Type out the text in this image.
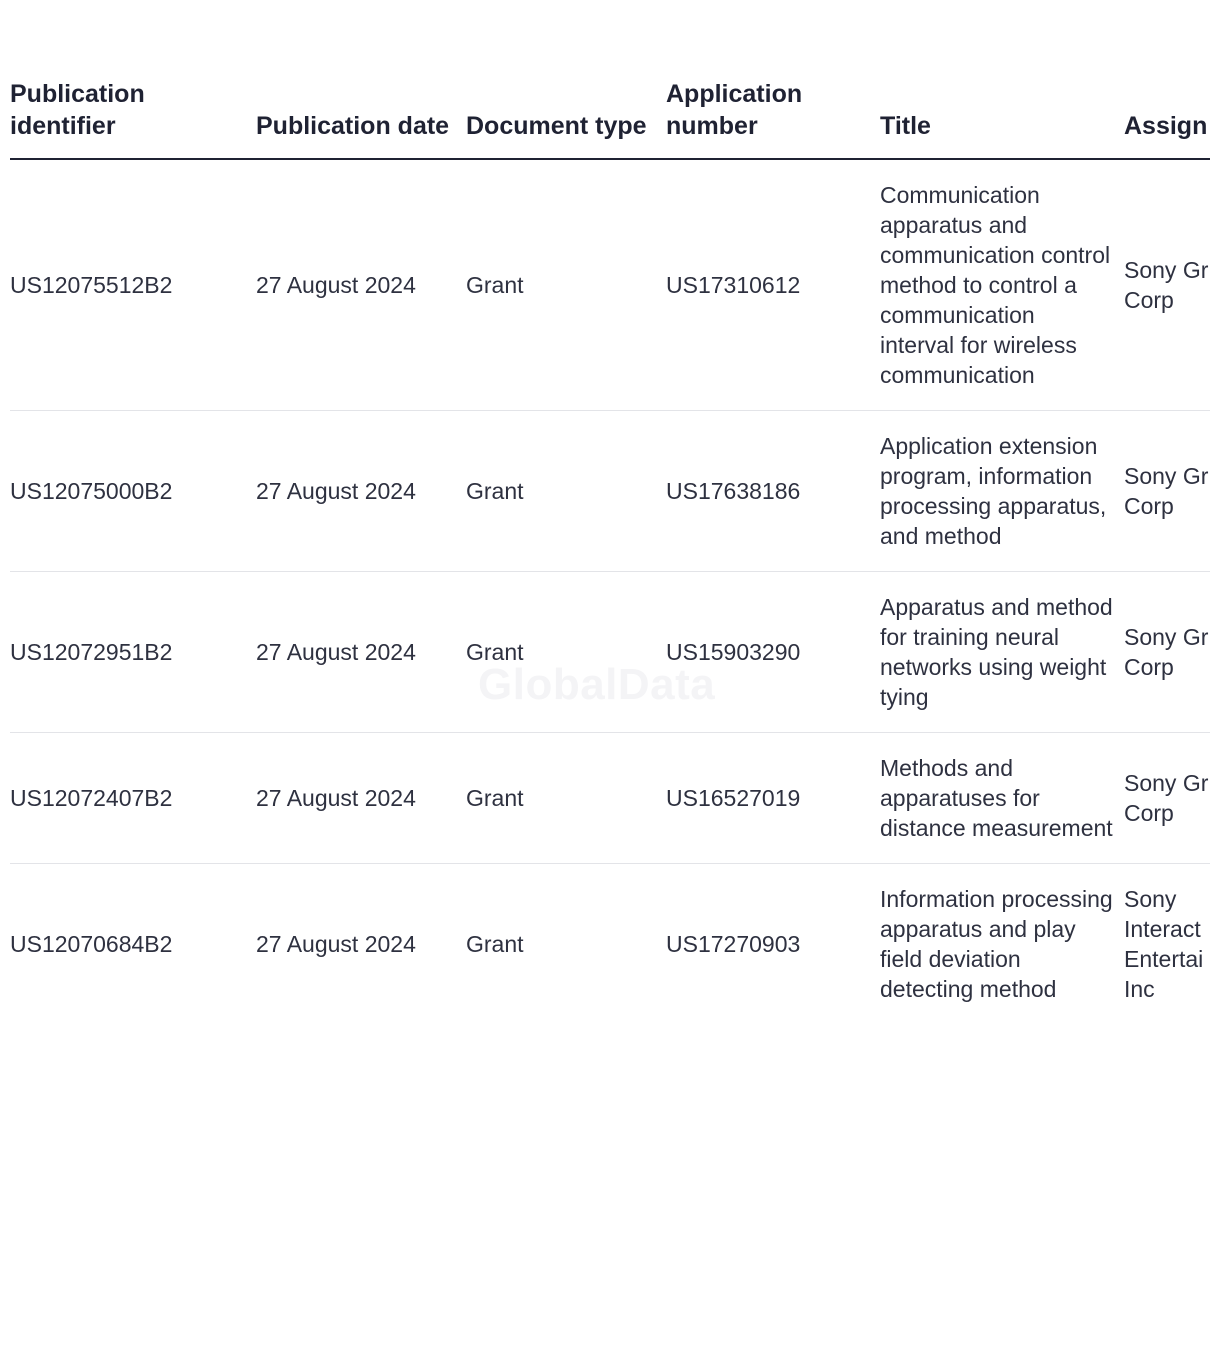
GlobalData
Publication identifier	Publication date	Document type	Application number	Title	Assign
US12075512B2	27 August 2024	Grant	US17310612	Communication apparatus and communication control method to control a communication interval for wireless communication	Sony Gr
Corp

US12075000B2	27 August 2024	Grant	US17638186	Application extension program, information processing apparatus, and method	Sony Gr
Corp

US12072951B2	27 August 2024	Grant	US15903290	Apparatus and method for training neural networks using weight tying	Sony Gr
Corp

US12072407B2	27 August 2024	Grant	US16527019	Methods and apparatuses for distance measurement	Sony Gr
Corp

US12070684B2	27 August 2024	Grant	US17270903	Information processing apparatus and play field deviation detecting method	Sony
Interact
Entertai
Inc
